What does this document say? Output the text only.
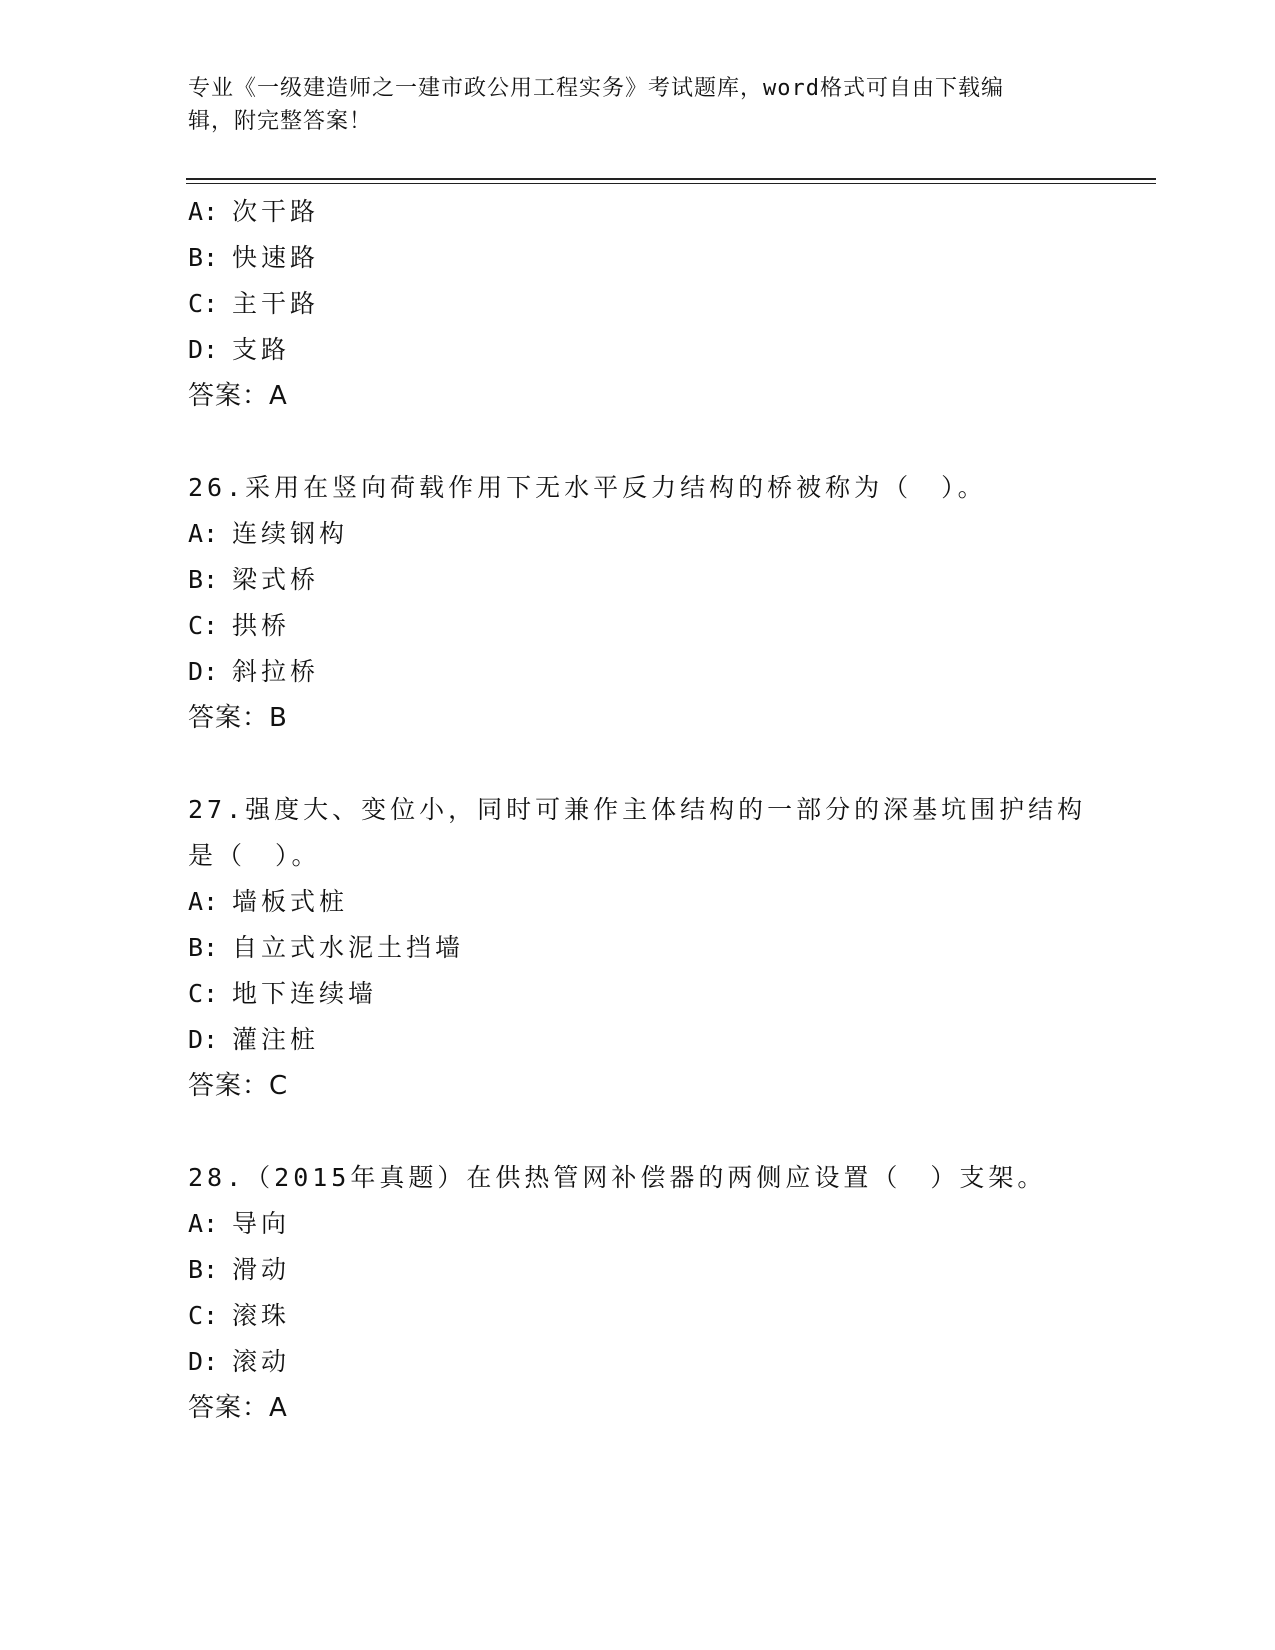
专业《一级建造师之一建市政公用工程实务》考试题库，word格式可自由下载编
辑，附完整答案！
A: 次干路
B: 快速路
C: 主干路
D: 支路
答案：A
26.采用在竖向荷载作用下无水平反力结构的桥被称为（　）。
A: 连续钢构
B: 梁式桥
C: 拱桥
D: 斜拉桥
答案：B
27.强度大、变位小，同时可兼作主体结构的一部分的深基坑围护结构
是（　）。
A: 墙板式桩
B: 自立式水泥土挡墙
C: 地下连续墙
D: 灌注桩
答案：C
28.（2015年真题）在供热管网补偿器的两侧应设置（　）支架。
A: 导向
B: 滑动
C: 滚珠
D: 滚动
答案：A
